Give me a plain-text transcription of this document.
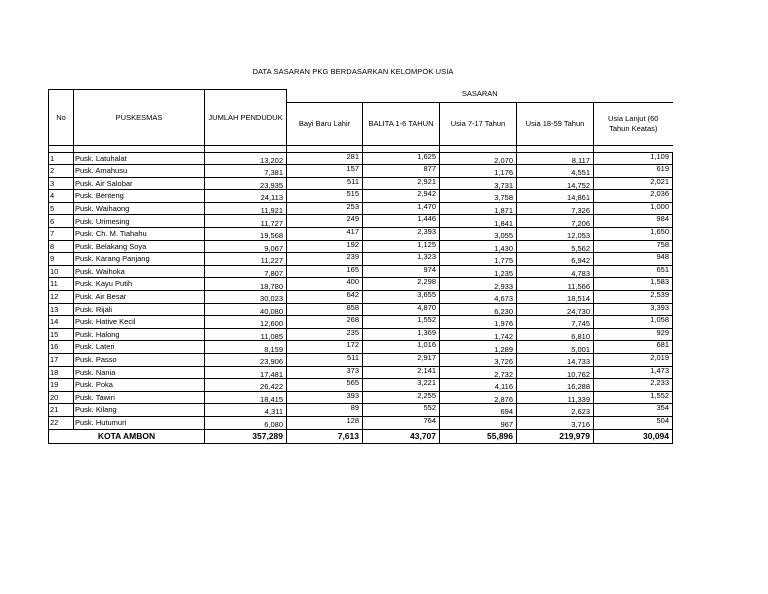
DATA SASARAN PKG BERDASARKAN KELOMPOK USIA
No	PUSKESMAS	JUMLAH PENDUDUK	SASARAN				
			Bayi Baru Lahir	BALITA 1-6 TAHUN	Usia 7-17 Tahun	Usia 18-59 Tahun	Usia Lanjut (60 Tahun Keatas)

1	Pusk. Latuhalat	13,202	281	1,625	2,070	8,117	1,109
2	Pusk. Amahusu	7,381	157	877	1,176	4,551	619
3	Pusk. Air Salobar	23,935	511	2,921	3,731	14,752	2,021
4	Pusk. Benteng	24,113	515	2,942	3,758	14,861	2,036
5	Pusk. Waihaong	11,921	253	1,470	1,871	7,326	1,000
6	Pusk. Urimesing	11,727	249	1,446	1,841	7,206	984
7	Pusk. Ch. M. Tiahahu	19,568	417	2,393	3,055	12,053	1,650
8	Pusk. Belakang Soya	9,067	192	1,125	1,430	5,562	758
9	Pusk. Karang Panjang	11,227	239	1,323	1,775	6,942	948
10	Pusk. Waihoka	7,807	165	974	1,235	4,783	651
11	Pusk. Kayu Putih	18,780	400	2,298	2,933	11,566	1,583
12	Pusk. Air Besar	30,023	642	3,655	4,673	18,514	2,539
13	Pusk. Rijali	40,080	858	4,870	6,230	24,730	3,393
14	Pusk. Hative Kecil	12,600	268	1,552	1,976	7,745	1,058
15	Pusk. Halong	11,085	235	1,369	1,742	6,810	929
16	Pusk. Lateri	8,159	172	1,016	1,289	5,001	681
17	Pusk. Passo	23,906	511	2,917	3,726	14,733	2,019
18	Pusk. Nania	17,481	373	2,141	2,732	10,762	1,473
19	Pusk. Poka	26,422	565	3,221	4,116	16,288	2,233
20	Pusk. Tawiri	18,415	393	2,255	2,876	11,339	1,552
21	Pusk. Kilang	4,311	89	552	694	2,623	354
22	Pusk. Hutumuri	6,080	128	764	967	3,716	504
KOTA AMBON		357,289	7,613	43,707	55,896	219,979	30,094
